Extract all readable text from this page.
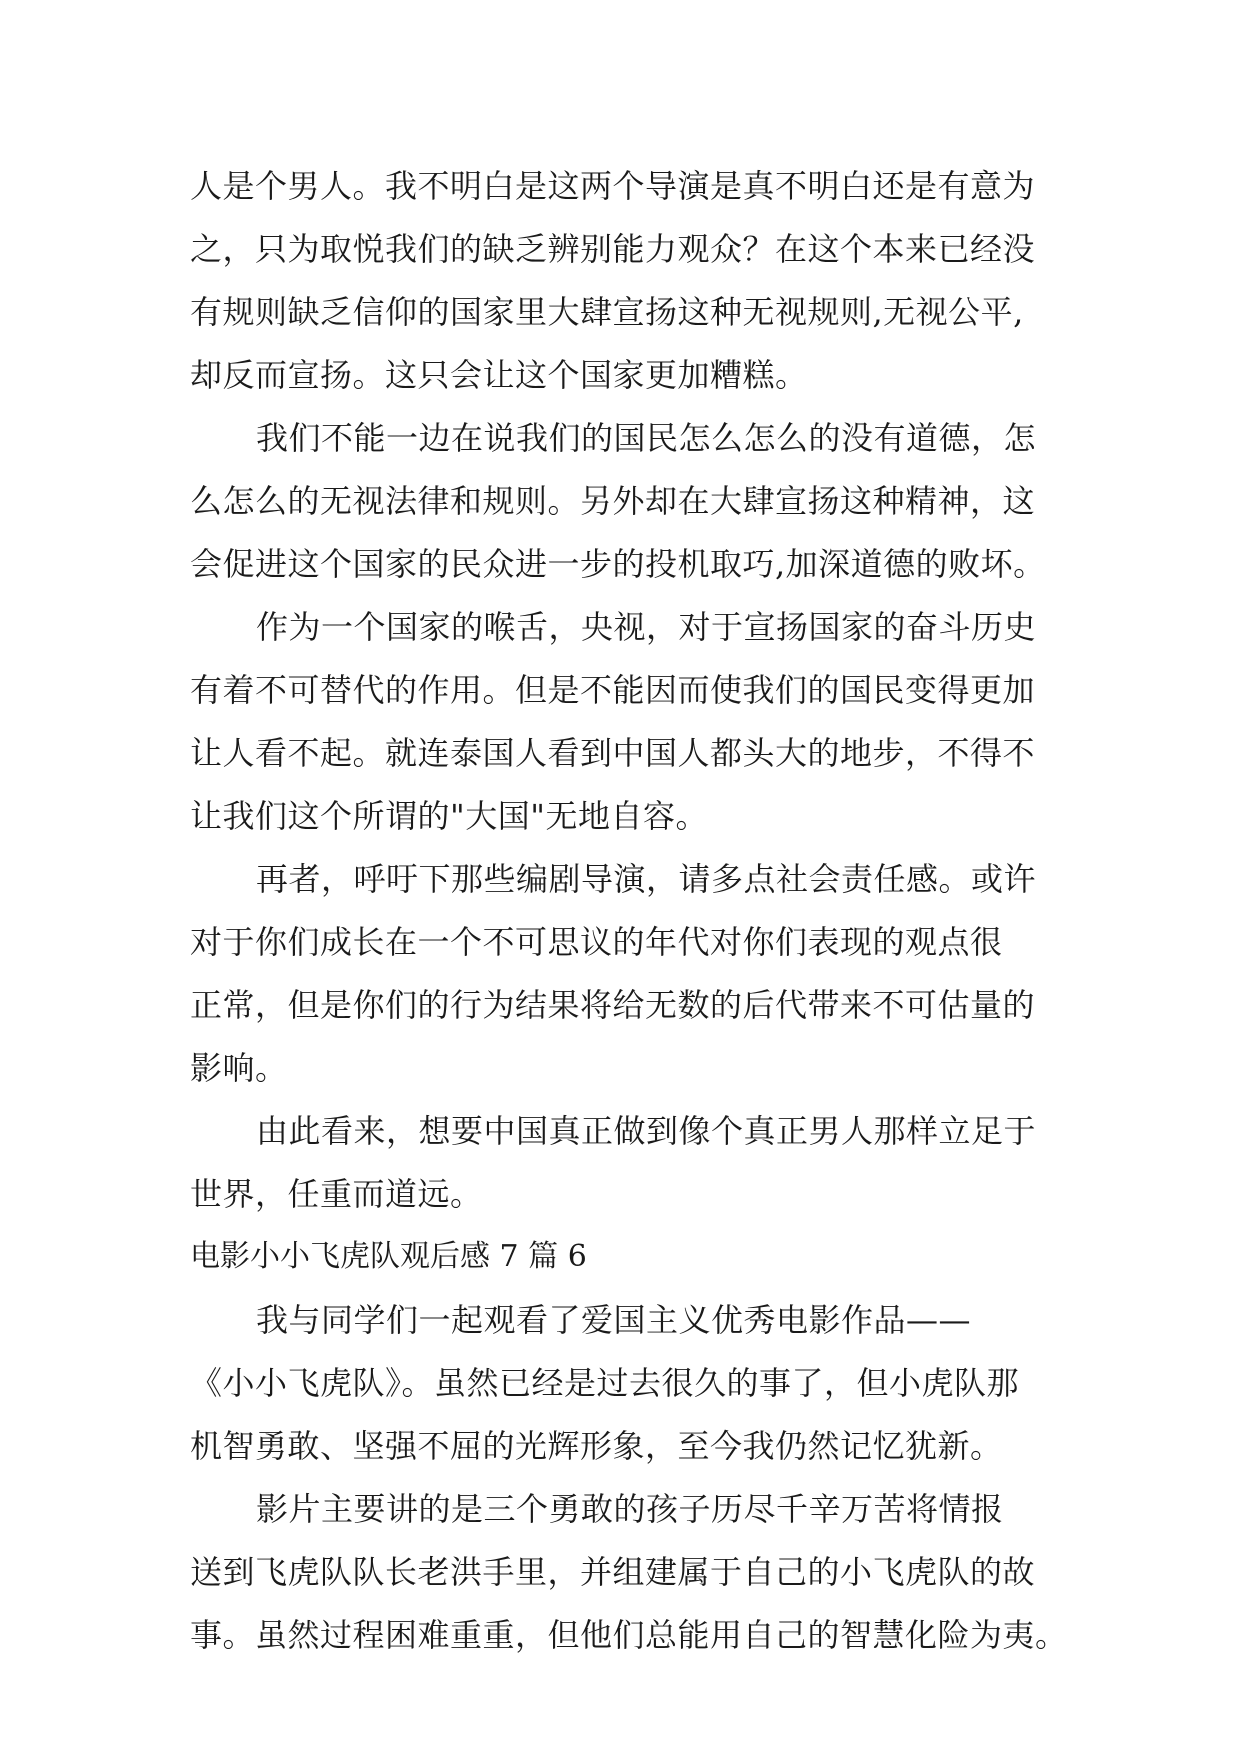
人是个男人。我不明白是这两个导演是真不明白还是有意为
之，只为取悦我们的缺乏辨别能力观众？在这个本来已经没
有规则缺乏信仰的国家里大肆宣扬这种无视规则,无视公平,
却反而宣扬。这只会让这个国家更加糟糕。
我们不能一边在说我们的国民怎么怎么的没有道德，怎
么怎么的无视法律和规则。另外却在大肆宣扬这种精神，这
会促进这个国家的民众进一步的投机取巧,加深道德的败坏。
作为一个国家的喉舌，央视，对于宣扬国家的奋斗历史
有着不可替代的作用。但是不能因而使我们的国民变得更加
让人看不起。就连泰国人看到中国人都头大的地步，不得不
让我们这个所谓的"大国"无地自容。
再者，呼吁下那些编剧导演，请多点社会责任感。或许
对于你们成长在一个不可思议的年代对你们表现的观点很
正常，但是你们的行为结果将给无数的后代带来不可估量的
影响。
由此看来，想要中国真正做到像个真正男人那样立足于
世界，任重而道远。
电影小小飞虎队观后感 7 篇 6
我与同学们一起观看了爱国主义优秀电影作品——
《小小飞虎队》。虽然已经是过去很久的事了，但小虎队那
机智勇敢、坚强不屈的光辉形象，至今我仍然记忆犹新。
影片主要讲的是三个勇敢的孩子历尽千辛万苦将情报
送到飞虎队队长老洪手里，并组建属于自己的小飞虎队的故
事。虽然过程困难重重，但他们总能用自己的智慧化险为夷。
